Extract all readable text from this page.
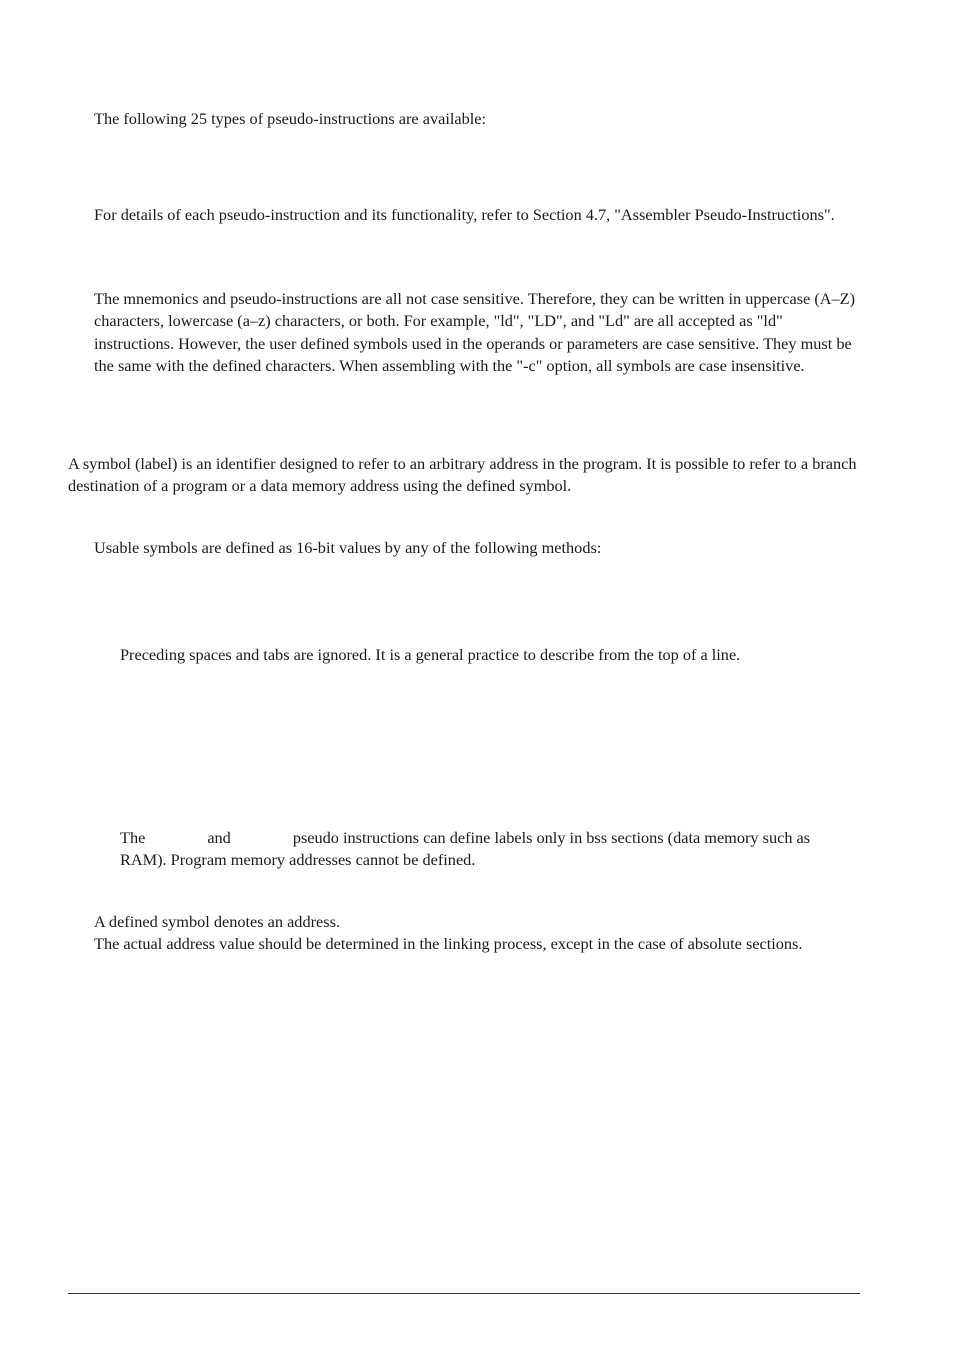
The following 25 types of pseudo-instructions are available:

For details of each pseudo-instruction and its functionality, refer to Section 4.7, "Assembler Pseudo-Instructions".

The mnemonics and pseudo-instructions are all not case sensitive. Therefore, they can be written in uppercase (A–Z) characters, lowercase (a–z) characters, or both. For example, "ld", "LD", and "Ld" are all accepted as "ld" instructions. However, the user defined symbols used in the operands or parameters are case sensitive. They must be the same with the defined characters. When assembling with the "-c" option, all symbols are case insensitive.

A symbol (label) is an identifier designed to refer to an arbitrary address in the program. It is possible to refer to a branch destination of a program or a data memory address using the defined symbol.

Usable symbols are defined as 16-bit values by any of the following methods:

Preceding spaces and tabs are ignored. It is a general practice to describe from the top of a line.

The	and	pseudo instructions can define labels only in bss sections (data memory such as RAM). Program memory addresses cannot be defined.

A defined symbol denotes an address.
The actual address value should be determined in the linking process, except in the case of absolute sections.
